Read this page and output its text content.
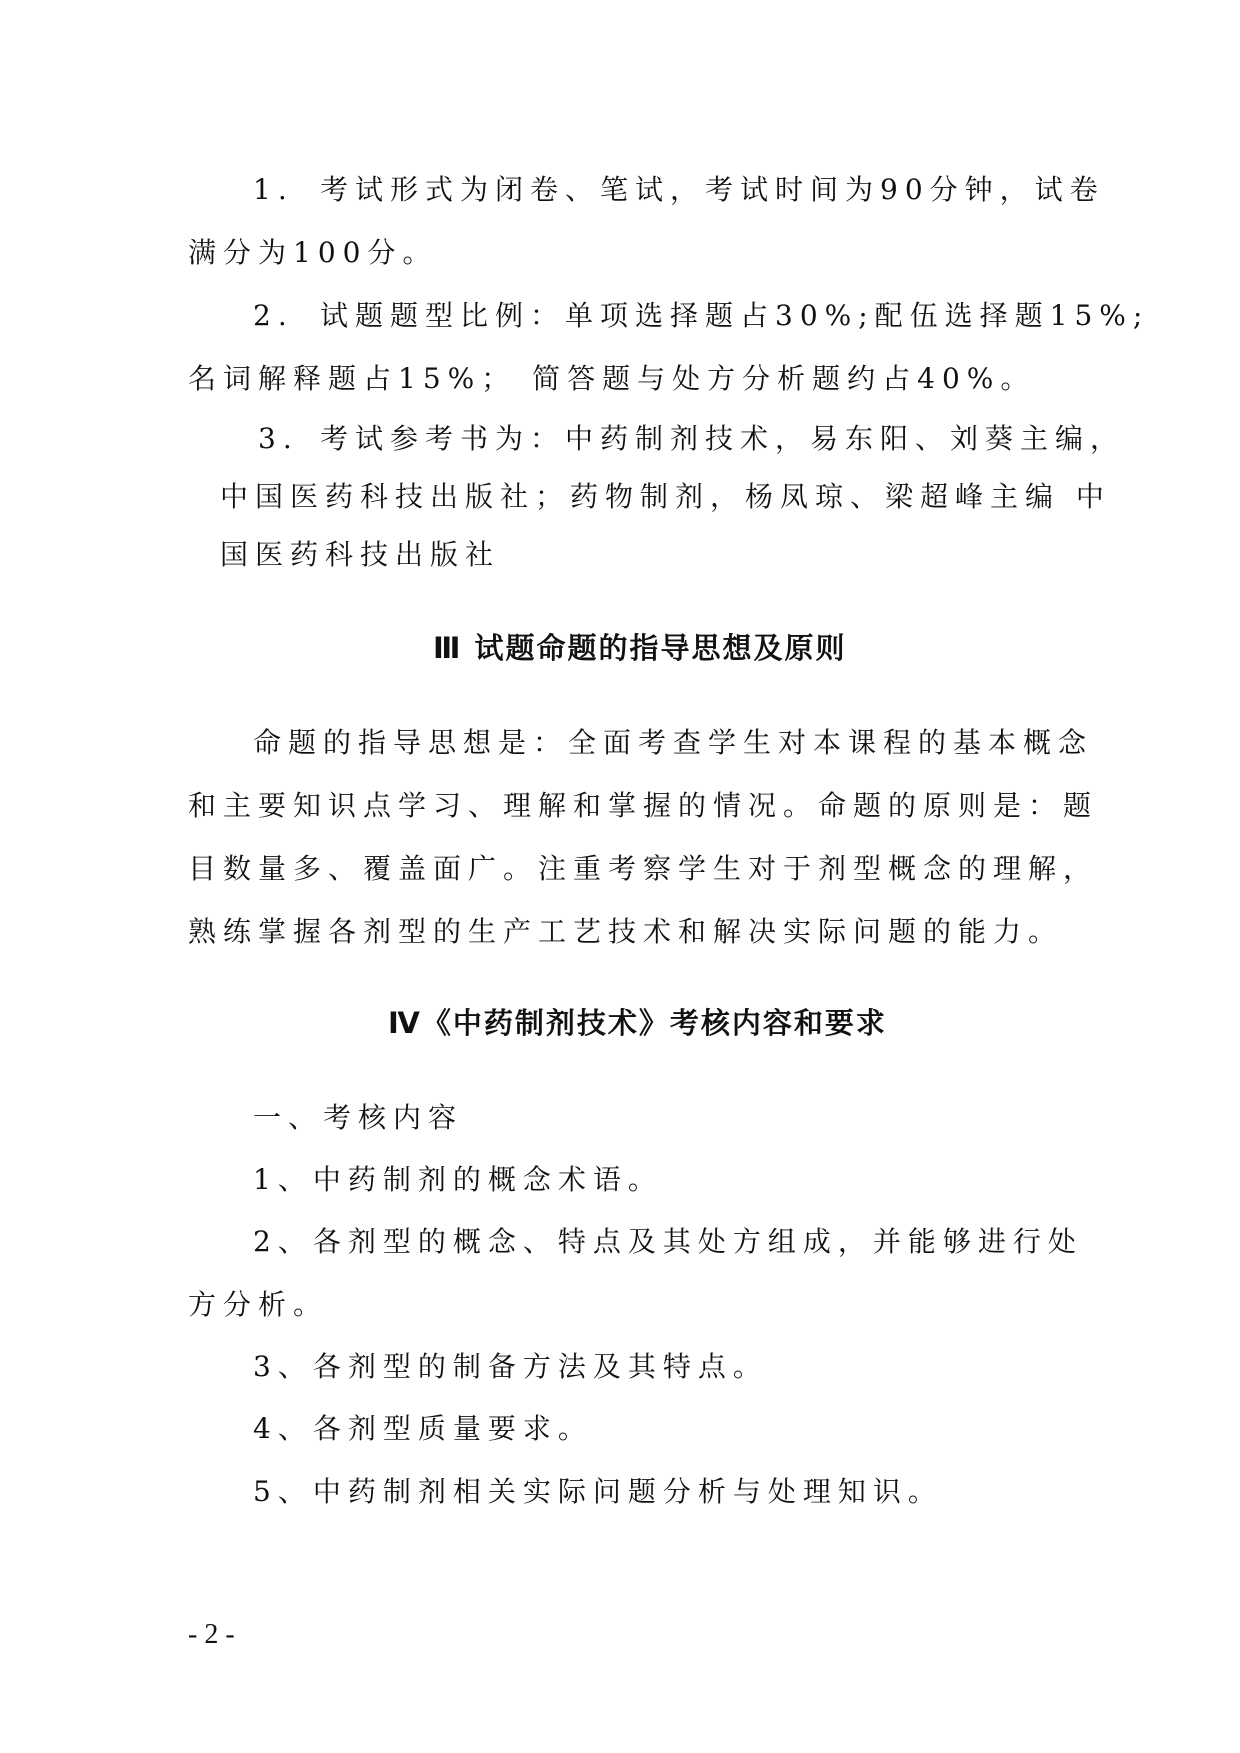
1. 考试形式为闭卷、笔试，考试时间为90分钟，试卷

满分为100分。

2. 试题题型比例：单项选择题占30%;配伍选择题15%;

名词解释题占15%； 简答题与处方分析题约占40%。

3. 考试参考书为：中药制剂技术，易东阳、刘葵主编，

中国医药科技出版社；药物制剂，杨凤琼、梁超峰主编 中

国医药科技出版社

Ⅲ 试题命题的指导思想及原则

命题的指导思想是：全面考查学生对本课程的基本概念

和主要知识点学习、理解和掌握的情况。命题的原则是：题

目数量多、覆盖面广。注重考察学生对于剂型概念的理解，

熟练掌握各剂型的生产工艺技术和解决实际问题的能力。

Ⅳ《中药制剂技术》考核内容和要求

一、考核内容

1、中药制剂的概念术语。

2、各剂型的概念、特点及其处方组成，并能够进行处

方分析。

3、各剂型的制备方法及其特点。

4、各剂型质量要求。

5、中药制剂相关实际问题分析与处理知识。

- 2 -
